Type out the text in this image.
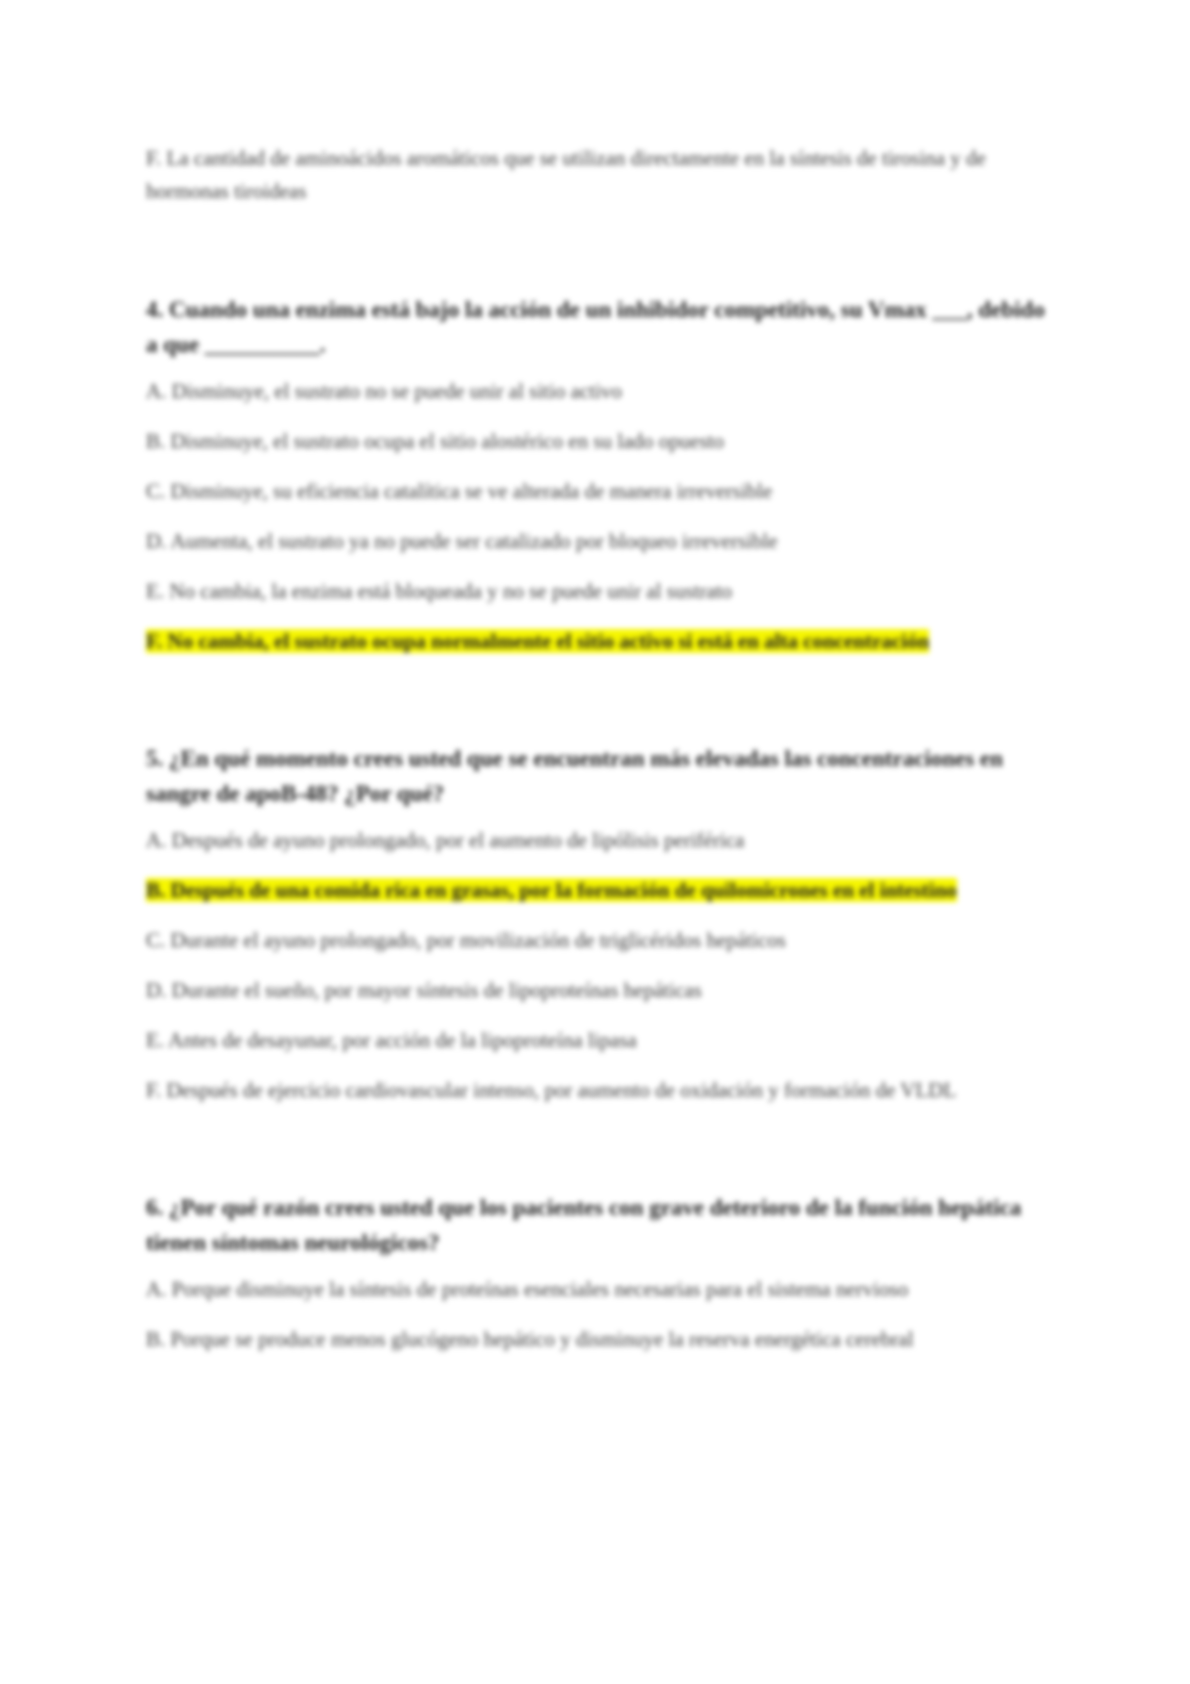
F. La cantidad de aminoácidos aromáticos que se utilizan directamente en la síntesis de tirosina y de hormonas tiroideas

4. Cuando una enzima está bajo la acción de un inhibidor competitivo, su Vmax ___, debido a que __________.

A. Disminuye, el sustrato no se puede unir al sitio activo

B. Disminuye, el sustrato ocupa el sitio alostérico en su lado opuesto

C. Disminuye, su eficiencia catalítica se ve alterada de manera irreversible

D. Aumenta, el sustrato ya no puede ser catalizado por bloqueo irreversible

E. No cambia, la enzima está bloqueada y no se puede unir al sustrato

F. No cambia, el sustrato ocupa normalmente el sitio activo si está en alta concentración

5. ¿En qué momento crees usted que se encuentran más elevadas las concentraciones en sangre de apoB-48? ¿Por qué?

A. Después de ayuno prolongado, por el aumento de lipólisis periférica

B. Después de una comida rica en grasas, por la formación de quilomicrones en el intestino

C. Durante el ayuno prolongado, por movilización de triglicéridos hepáticos

D. Durante el sueño, por mayor síntesis de lipoproteínas hepáticas

E. Antes de desayunar, por acción de la lipoproteína lipasa

F. Después de ejercicio cardiovascular intenso, por aumento de oxidación y formación de VLDL

6. ¿Por qué razón crees usted que los pacientes con grave deterioro de la función hepática tienen síntomas neurológicos?

A. Porque disminuye la síntesis de proteínas esenciales necesarias para el sistema nervioso

B. Porque se produce menos glucógeno hepático y disminuye la reserva energética cerebral
